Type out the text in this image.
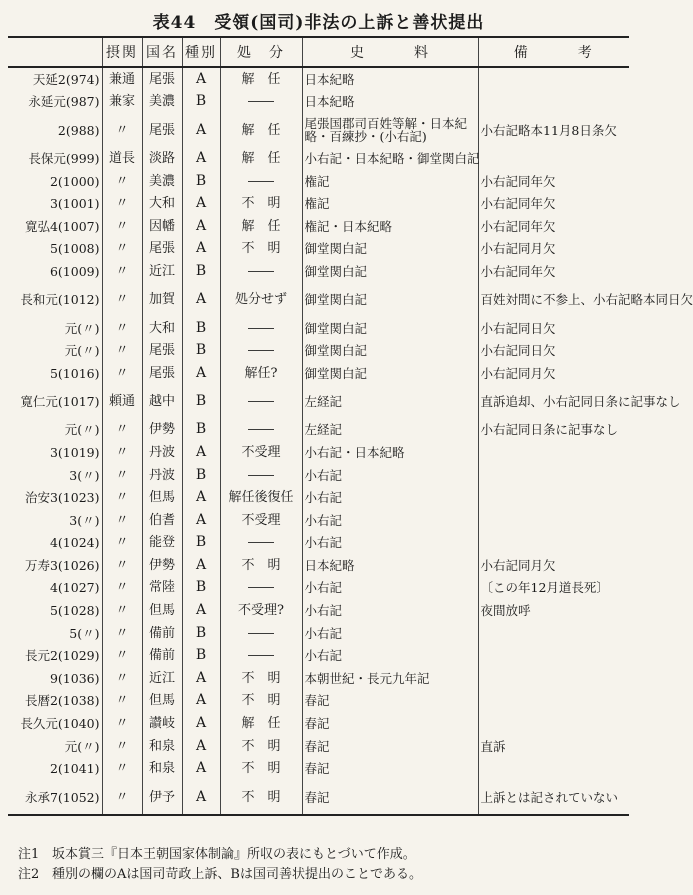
表44　受領(国司)非法の上訴と善状提出
	摂関	国名	種別	処　分	史　　　料	備　　　考
天延2(974)	兼通	尾張	A	解　任	日本紀略	
永延元(987)	兼家	美濃	B	――	日本紀略	
2(988)	〃	尾張	A	解　任	尾張国郡司百姓等解・日本紀略・百練抄・(小右記)	小右記略本11月8日条欠
長保元(999)	道長	淡路	A	解　任	小右記・日本紀略・御堂関白記	
2(1000)	〃	美濃	B	――	権記	小右記同年欠
3(1001)	〃	大和	A	不　明	権記	小右記同年欠
寛弘4(1007)	〃	因幡	A	解　任	権記・日本紀略	小右記同年欠
5(1008)	〃	尾張	A	不　明	御堂関白記	小右記同月欠
6(1009)	〃	近江	B	――	御堂関白記	小右記同年欠
長和元(1012)	〃	加賀	A	処分せず	御堂関白記	百姓対問に不参上、小右記略本同日欠
元(〃)	〃	大和	B	――	御堂関白記	小右記同日欠
元(〃)	〃	尾張	B	――	御堂関白記	小右記同日欠
5(1016)	〃	尾張	A	解任?	御堂関白記	小右記同月欠
寛仁元(1017)	頼通	越中	B	――	左経記	直訴追却、小右記同日条に記事なし
元(〃)	〃	伊勢	B	――	左経記	小右記同日条に記事なし
3(1019)	〃	丹波	A	不受理	小右記・日本紀略	
3(〃)	〃	丹波	B	――	小右記	
治安3(1023)	〃	但馬	A	解任後復任	小右記	
3(〃)	〃	伯耆	A	不受理	小右記	
4(1024)	〃	能登	B	――	小右記	
万寿3(1026)	〃	伊勢	A	不　明	日本紀略	小右記同月欠
4(1027)	〃	常陸	B	――	小右記	〔この年12月道長死〕
5(1028)	〃	但馬	A	不受理?	小右記	夜間放呼
5(〃)	〃	備前	B	――	小右記	
長元2(1029)	〃	備前	B	――	小右記	
9(1036)	〃	近江	A	不　明	本朝世紀・長元九年記	
長暦2(1038)	〃	但馬	A	不　明	春記	
長久元(1040)	〃	讃岐	A	解　任	春記	
元(〃)	〃	和泉	A	不　明	春記	直訴
2(1041)	〃	和泉	A	不　明	春記	
永承7(1052)	〃	伊予	A	不　明	春記	上訴とは記されていない
注1 坂本賞三『日本王朝国家体制論』所収の表にもとづいて作成。
注2 種別の欄のAは国司苛政上訴、Bは国司善状提出のことである。
